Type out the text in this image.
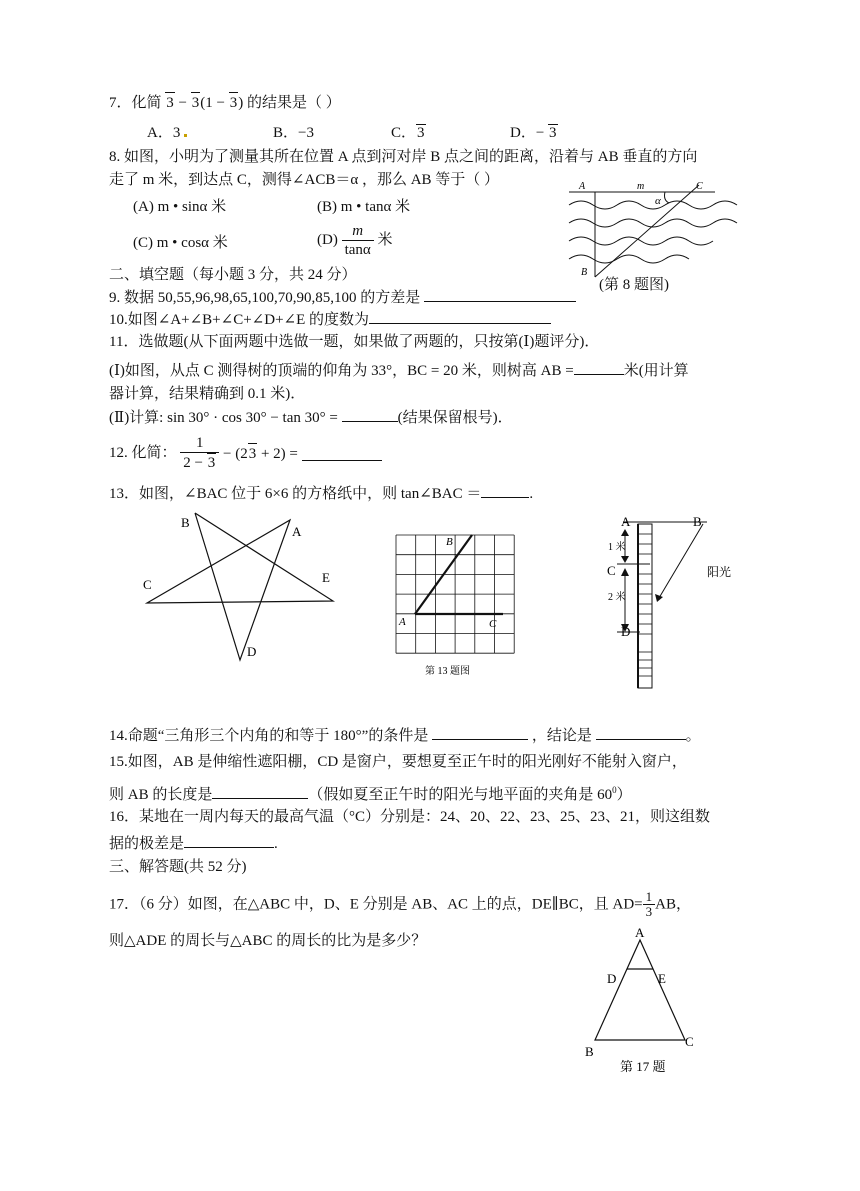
7．化简 3 − 3(1 − 3) 的结果是（ ）
A．3	B．−3	C．3	D．− 3
8. 如图，小明为了测量其所在位置 A 点到河对岸 B 点之间的距离，沿着与 AB 垂直的方向
走了 m 米，到达点 C，测得∠ACB＝α ，那么 AB 等于（ ）
(A) m • sinα 米	(B) m • tanα 米
(C) m • cosα 米	$(D) \frac{m}{\tan\alpha}$ 米
A	m	C
α
B
(第 8 题图)
二、填空题（每小题 3 分，共 24 分）
9. 数据 50,55,96,98,65,100,70,90,85,100 的方差是
10.如图∠A+∠B+∠C+∠D+∠E 的度数为
11．选做题(从下面两题中选做一题，如果做了两题的，只按第(Ⅰ)题评分)．
(Ⅰ)如图，从点 C 测得树的顶端的仰角为 33°，BC = 20 米，则树高 AB =	米(用计算
器计算，结果精确到 0.1 米)．
(Ⅱ)计算: sin 30° · cos 30° − tan 30° =	(结果保留根号)．
12. 化简： $\frac{1}{2 - 3} - (23 + 2)$ =
13．如图，∠BAC 位于 6×6 的方格纸中，则 tan∠BAC ＝	.
B
A
C	E
D
B
A	C
第 13 题图
A	B
C
D
1 米
2 米
阳光
14.命题“三角形三个内角的和等于 180°”的条件是	，结论是	。
15.如图，AB 是伸缩性遮阳棚，CD 是窗户，要想夏至正午时的阳光刚好不能射入窗户，
则 AB 的长度是	（假如夏至正午时的阳光与地平面的夹角是 $60^0$）
16．某地在一周内每天的最高气温（°C）分别是：24、20、22、23、25、23、21，则这组数
据的极差是	.
三、解答题(共 52 分)
17．（6 分）如图，在△ABC 中，D、E 分别是 AB、AC 上的点，DE∥BC，且 $AD= \frac{1}{3}$ AB，
则△ADE 的周长与△ABC 的周长的比为是多少？
A
D	E
B
C
第 17 题
